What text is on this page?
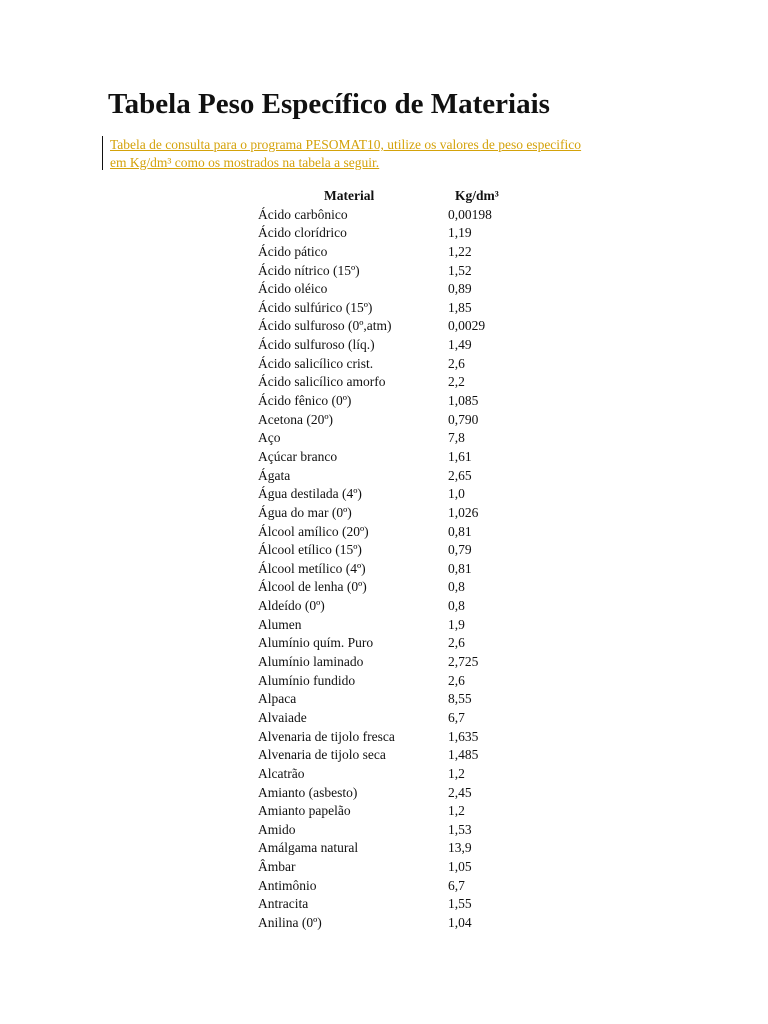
Tabela Peso Específico de Materiais
Tabela de consulta para o programa PESOMAT10, utilize os valores de peso especifico
em Kg/dm³ como os mostrados na tabela a seguir.
Material	Kg/dm³
Ácido carbônico	0,00198
Ácido clorídrico	1,19
Ácido pático	1,22
Ácido nítrico (15º)	1,52
Ácido oléico	0,89
Ácido sulfúrico (15º)	1,85
Ácido sulfuroso (0º,atm)	0,0029
Ácido sulfuroso (líq.)	1,49
Ácido salicílico crist.	2,6
Ácido salicílico amorfo	2,2
Ácido fênico (0º)	1,085
Acetona (20º)	0,790
Aço	7,8
Açúcar branco	1,61
Ágata	2,65
Água destilada (4º)	1,0
Água do mar (0º)	1,026
Álcool amílico (20º)	0,81
Álcool etílico (15º)	0,79
Álcool metílico (4º)	0,81
Álcool de lenha (0º)	0,8
Aldeído (0º)	0,8
Alumen	1,9
Alumínio quím. Puro	2,6
Alumínio laminado	2,725
Alumínio fundido	2,6
Alpaca	8,55
Alvaiade	6,7
Alvenaria de tijolo fresca	1,635
Alvenaria de tijolo seca	1,485
Alcatrão	1,2
Amianto (asbesto)	2,45
Amianto papelão	1,2
Amido	1,53
Amálgama natural	13,9
Âmbar	1,05
Antimônio	6,7
Antracita	1,55
Anilina (0º)	1,04
